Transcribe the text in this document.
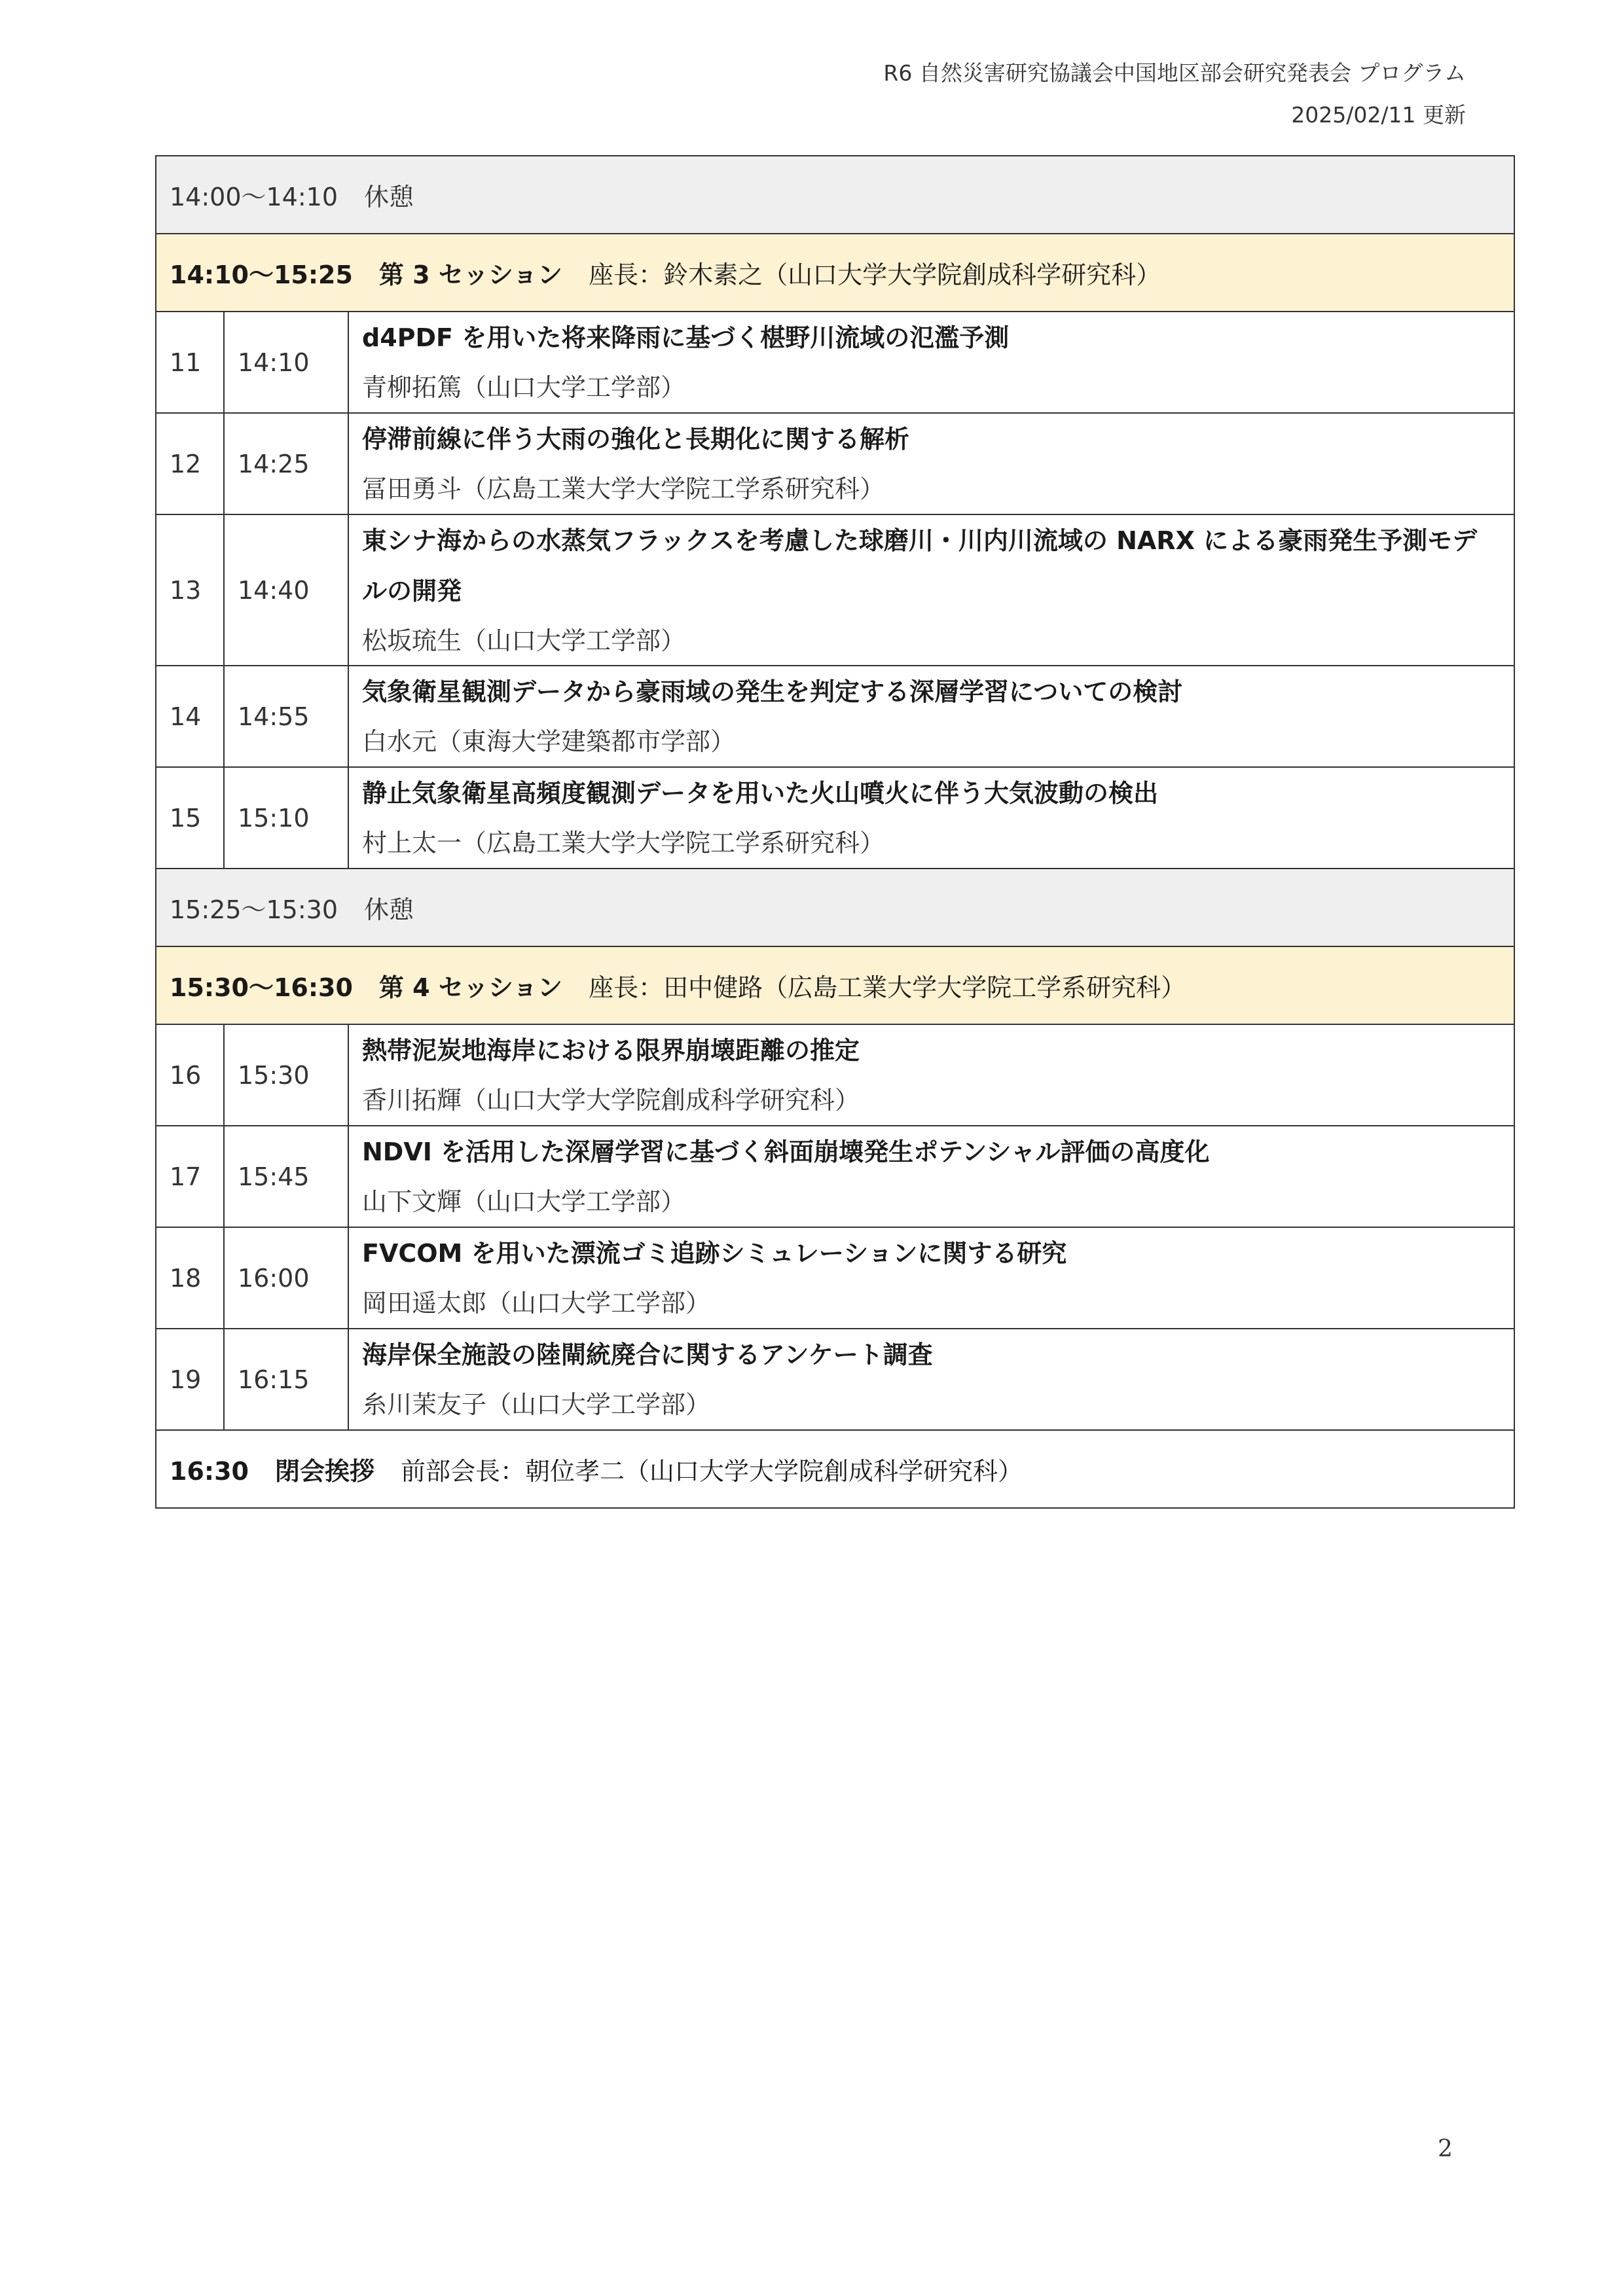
R6 自然災害研究協議会中国地区部会研究発表会 プログラム
2025/02/11 更新
14:00〜14:10 休憩		
14:10〜15:25 第 3 セッション 座長：鈴木素之（山口大学大学院創成科学研究科）		
11	14:10	d4PDF を用いた将来降雨に基づく椹野川流域の氾濫予測
青柳拓篤（山口大学工学部）

12	14:25	停滞前線に伴う大雨の強化と長期化に関する解析
冨田勇斗（広島工業大学大学院工学系研究科）

13	14:40	東シナ海からの水蒸気フラックスを考慮した球磨川・川内川流域の NARX による豪雨発生予測モデルの開発
松坂琉生（山口大学工学部）

14	14:55	気象衛星観測データから豪雨域の発生を判定する深層学習についての検討
白水元（東海大学建築都市学部）

15	15:10	静止気象衛星高頻度観測データを用いた火山噴火に伴う大気波動の検出
村上太一（広島工業大学大学院工学系研究科）

15:25〜15:30 休憩		
15:30〜16:30 第 4 セッション 座長：田中健路（広島工業大学大学院工学系研究科）		
16	15:30	熱帯泥炭地海岸における限界崩壊距離の推定
香川拓輝（山口大学大学院創成科学研究科）

17	15:45	NDVI を活用した深層学習に基づく斜面崩壊発生ポテンシャル評価の高度化
山下文輝（山口大学工学部）

18	16:00	FVCOM を用いた漂流ゴミ追跡シミュレーションに関する研究
岡田遥太郎（山口大学工学部）

19	16:15	海岸保全施設の陸閘統廃合に関するアンケート調査
糸川茉友子（山口大学工学部）

16:30 閉会挨拶 前部会長：朝位孝二（山口大学大学院創成科学研究科）		
2
